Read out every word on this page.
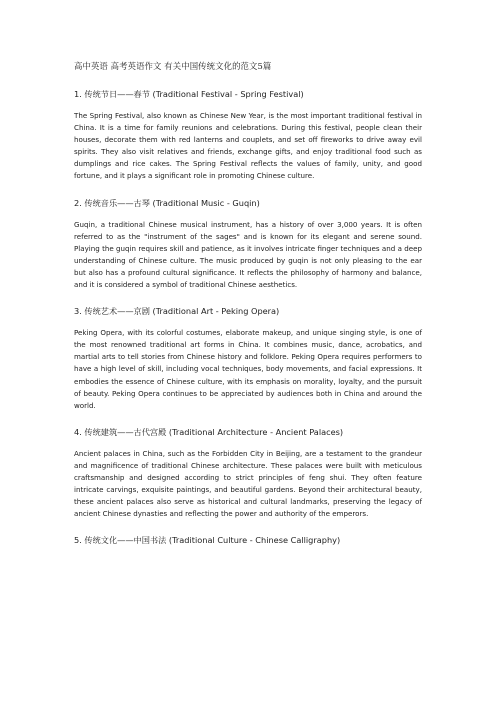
高中英语 高考英语作文 有关中国传统文化的范文5篇
1. 传统节日——春节 (Traditional Festival - Spring Festival)
The Spring Festival, also known as Chinese New Year, is the most important traditional festival in China. It is a time for family reunions and celebrations. During this festival, people clean their houses, decorate them with red lanterns and couplets, and set off fireworks to drive away evil spirits. They also visit relatives and friends, exchange gifts, and enjoy traditional food such as dumplings and rice cakes. The Spring Festival reflects the values of family, unity, and good fortune, and it plays a significant role in promoting Chinese culture.
2. 传统音乐——古琴 (Traditional Music - Guqin)
Guqin, a traditional Chinese musical instrument, has a history of over 3,000 years. It is often referred to as the "instrument of the sages" and is known for its elegant and serene sound. Playing the guqin requires skill and patience, as it involves intricate finger techniques and a deep understanding of Chinese culture. The music produced by guqin is not only pleasing to the ear but also has a profound cultural significance. It reflects the philosophy of harmony and balance, and it is considered a symbol of traditional Chinese aesthetics.
3. 传统艺术——京剧 (Traditional Art - Peking Opera)
Peking Opera, with its colorful costumes, elaborate makeup, and unique singing style, is one of the most renowned traditional art forms in China. It combines music, dance, acrobatics, and martial arts to tell stories from Chinese history and folklore. Peking Opera requires performers to have a high level of skill, including vocal techniques, body movements, and facial expressions. It embodies the essence of Chinese culture, with its emphasis on morality, loyalty, and the pursuit of beauty. Peking Opera continues to be appreciated by audiences both in China and around the world.
4. 传统建筑——古代宫殿 (Traditional Architecture - Ancient Palaces)
Ancient palaces in China, such as the Forbidden City in Beijing, are a testament to the grandeur and magnificence of traditional Chinese architecture. These palaces were built with meticulous craftsmanship and designed according to strict principles of feng shui. They often feature intricate carvings, exquisite paintings, and beautiful gardens. Beyond their architectural beauty, these ancient palaces also serve as historical and cultural landmarks, preserving the legacy of ancient Chinese dynasties and reflecting the power and authority of the emperors.
5. 传统文化——中国书法 (Traditional Culture - Chinese Calligraphy)
